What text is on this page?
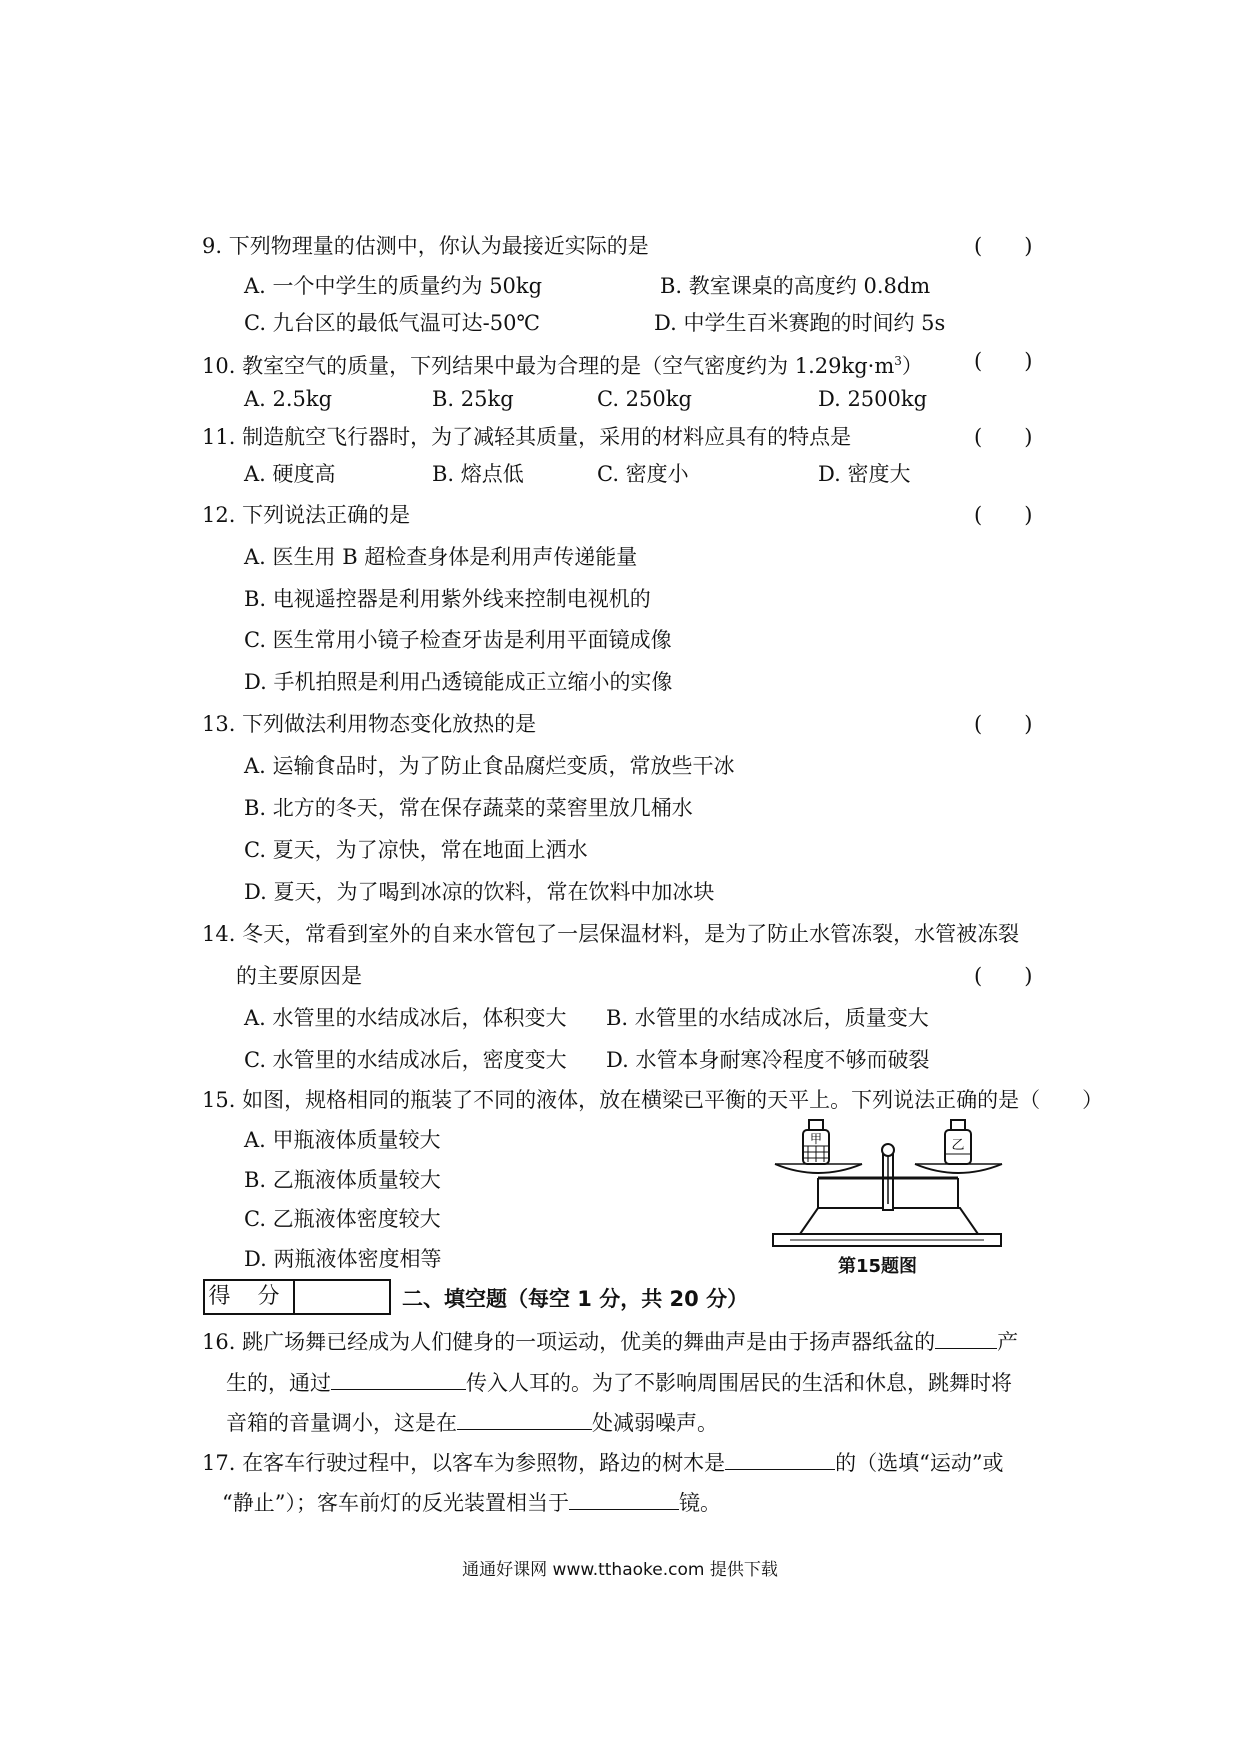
9. 下列物理量的估测中，你认为最接近实际的是	(　　)
A. 一个中学生的质量约为 50kg	B. 教室课桌的高度约 0.8dm
C. 九台区的最低气温可达-50℃	D. 中学生百米赛跑的时间约 5s
10. 教室空气的质量，下列结果中最为合理的是（空气密度约为 $1.29kg\cdot m^3$） (　　)
A. 2.5kg	B. 25kg	C. 250kg	D. 2500kg
11. 制造航空飞行器时，为了减轻其质量，采用的材料应具有的特点是	(　　)
A. 硬度高	B. 熔点低	C. 密度小	D. 密度大
12. 下列说法正确的是	(　　)
A. 医生用 B 超检查身体是利用声传递能量
B. 电视遥控器是利用紫外线来控制电视机的
C. 医生常用小镜子检查牙齿是利用平面镜成像
D. 手机拍照是利用凸透镜能成正立缩小的实像
13. 下列做法利用物态变化放热的是	(　　)
A. 运输食品时，为了防止食品腐烂变质，常放些干冰
B. 北方的冬天，常在保存蔬菜的菜窖里放几桶水
C. 夏天，为了凉快，常在地面上洒水
D. 夏天，为了喝到冰凉的饮料，常在饮料中加冰块
14. 冬天，常看到室外的自来水管包了一层保温材料，是为了防止水管冻裂，水管被冻裂
的主要原因是	(　　)
A. 水管里的水结成冰后，体积变大 B. 水管里的水结成冰后，质量变大
C. 水管里的水结成冰后，密度变大 D. 水管本身耐寒冷程度不够而破裂
15. 如图，规格相同的瓶装了不同的液体，放在横梁已平衡的天平上。下列说法正确的是（　　）
A. 甲瓶液体质量较大
B. 乙瓶液体质量较大
C. 乙瓶液体密度较大
D. 两瓶液体密度相等
甲	乙
第15题图
得 分	二、填空题（每空 1 分，共 20 分）
16. 跳广场舞已经成为人们健身的一项运动，优美的舞曲声是由于扬声器纸盆的	产
生的，通过	传入人耳的。为了不影响周围居民的生活和休息，跳舞时将
音箱的音量调小，这是在	处减弱噪声。
17. 在客车行驶过程中，以客车为参照物，路边的树木是	的（选填“运动”或
“静止”）；客车前灯的反光装置相当于	镜。
通通好课网 www.tthaoke.com 提供下载
